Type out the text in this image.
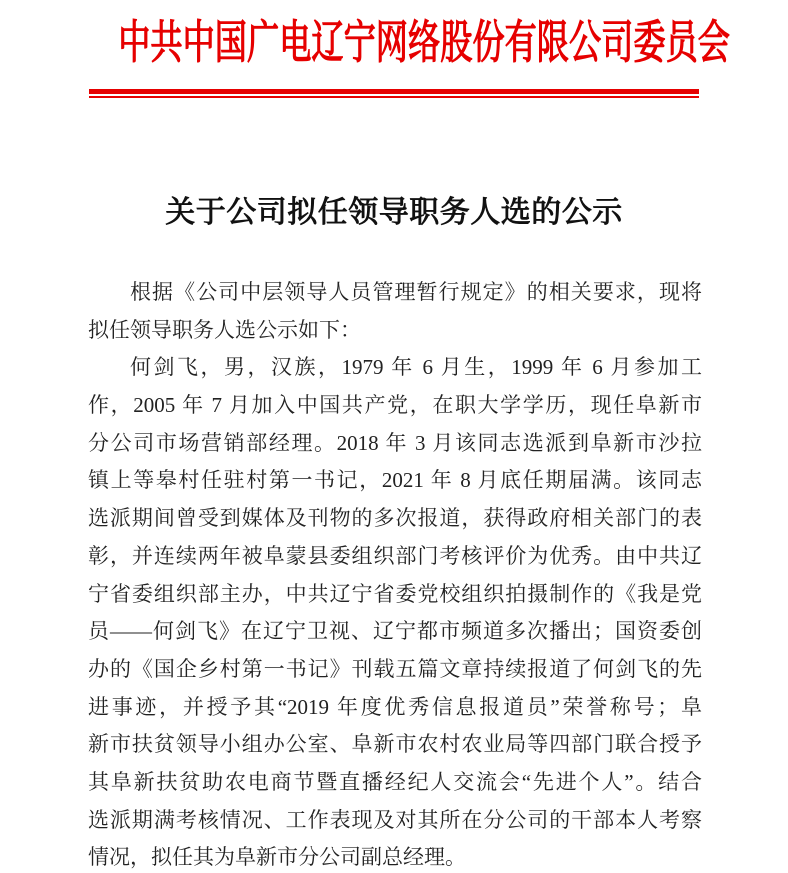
中共中国广电辽宁网络股份有限公司委员会
关于公司拟任领导职务人选的公示
根据《公司中层领导人员管理暂行规定》的相关要求，现将
拟任领导职务人选公示如下：
何剑飞，男，汉族，1979 年 6 月生，1999 年 6 月参加工
作，2005 年 7 月加入中国共产党，在职大学学历，现任阜新市
分公司市场营销部经理。2018 年 3 月该同志选派到阜新市沙拉
镇上等皋村任驻村第一书记，2021 年 8 月底任期届满。该同志
选派期间曾受到媒体及刊物的多次报道，获得政府相关部门的表
彰，并连续两年被阜蒙县委组织部门考核评价为优秀。由中共辽
宁省委组织部主办，中共辽宁省委党校组织拍摄制作的《我是党
员——何剑飞》在辽宁卫视、辽宁都市频道多次播出；国资委创
办的《国企乡村第一书记》刊载五篇文章持续报道了何剑飞的先
进事迹，并授予其“2019 年度优秀信息报道员”荣誉称号；阜
新市扶贫领导小组办公室、阜新市农村农业局等四部门联合授予
其阜新扶贫助农电商节暨直播经纪人交流会“先进个人”。结合
选派期满考核情况、工作表现及对其所在分公司的干部本人考察
情况，拟任其为阜新市分公司副总经理。
